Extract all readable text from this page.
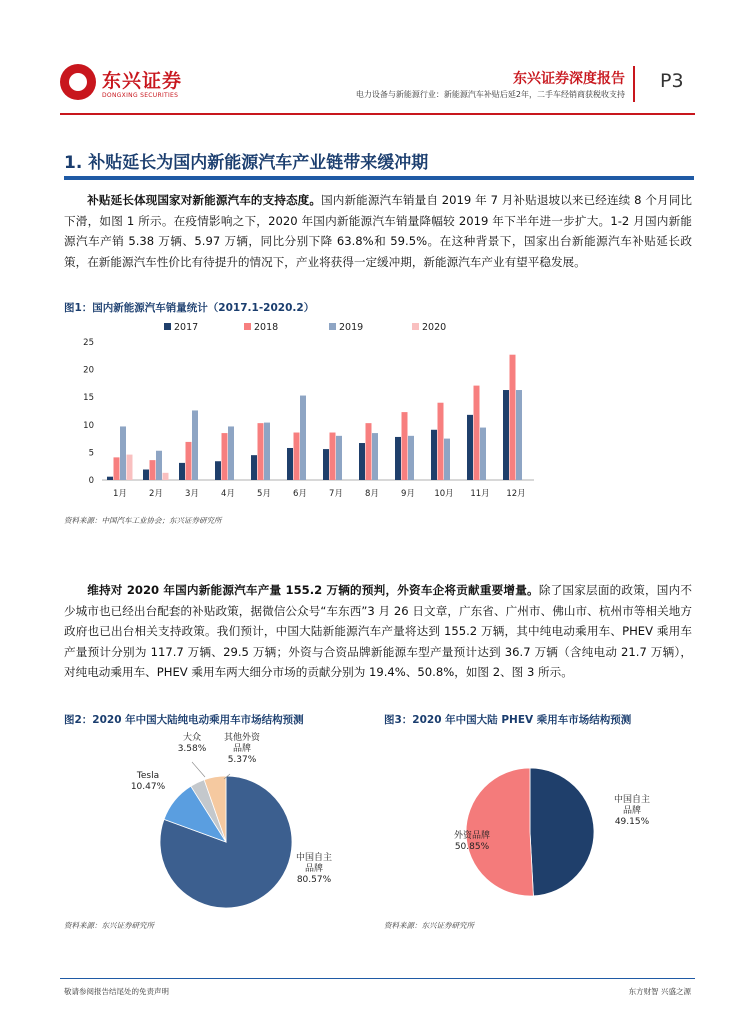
东兴证券
DONGXING SECURITIES
东兴证券深度报告
电力设备与新能源行业：新能源汽车补贴后延2年，二手车经销商获税收支持
P3
1. 补贴延长为国内新能源汽车产业链带来缓冲期
补贴延长体现国家对新能源汽车的支持态度。国内新能源汽车销量自 2019 年 7 月补贴退坡以来已经连续 8 个月同比下滑，如图 1 所示。在疫情影响之下，2020 年国内新能源汽车销量降幅较 2019 年下半年进一步扩大。1-2 月国内新能源汽车产销 5.38 万辆、5.97 万辆，同比分别下降 63.8%和 59.5%。在这种背景下，国家出台新能源汽车补贴延长政策，在新能源汽车性价比有待提升的情况下，产业将获得一定缓冲期，新能源汽车产业有望平稳发展。
图1：国内新能源汽车销量统计（2017.1-2020.2）
2017	2018	2019	2020
0
5
10
15
20
25
1月	2月	3月	4月	5月	6月	7月	8月	9月 10月 11月 12月
资料来源：中国汽车工业协会；东兴证券研究所
维持对 2020 年国内新能源汽车产量 155.2 万辆的预判，外资车企将贡献重要增量。除了国家层面的政策，国内不少城市也已经出台配套的补贴政策，据微信公众号“车东西”3 月 26 日文章，广东省、广州市、佛山市、杭州市等相关地方政府也已出台相关支持政策。我们预计，中国大陆新能源汽车产量将达到 155.2 万辆，其中纯电动乘用车、PHEV 乘用车产量预计分别为 117.7 万辆、29.5 万辆；外资与合资品牌新能源车型产量预计达到 36.7 万辆（含纯电动 21.7 万辆），对纯电动乘用车、PHEV 乘用车两大细分市场的贡献分别为 19.4%、50.8%，如图 2、图 3 所示。
图2：2020 年中国大陆纯电动乘用车市场结构预测
中国自主
品牌
80.57%
Tesla
10.47%
大众
3.58%
其他外资
品牌
5.37%
资料来源：东兴证券研究所
图3：2020 年中国大陆 PHEV 乘用车市场结构预测
中国自主
品牌
49.15%
外资品牌
50.85%
资料来源：东兴证券研究所
敬请参阅报告结尾处的免责声明	东方财智 兴盛之源
